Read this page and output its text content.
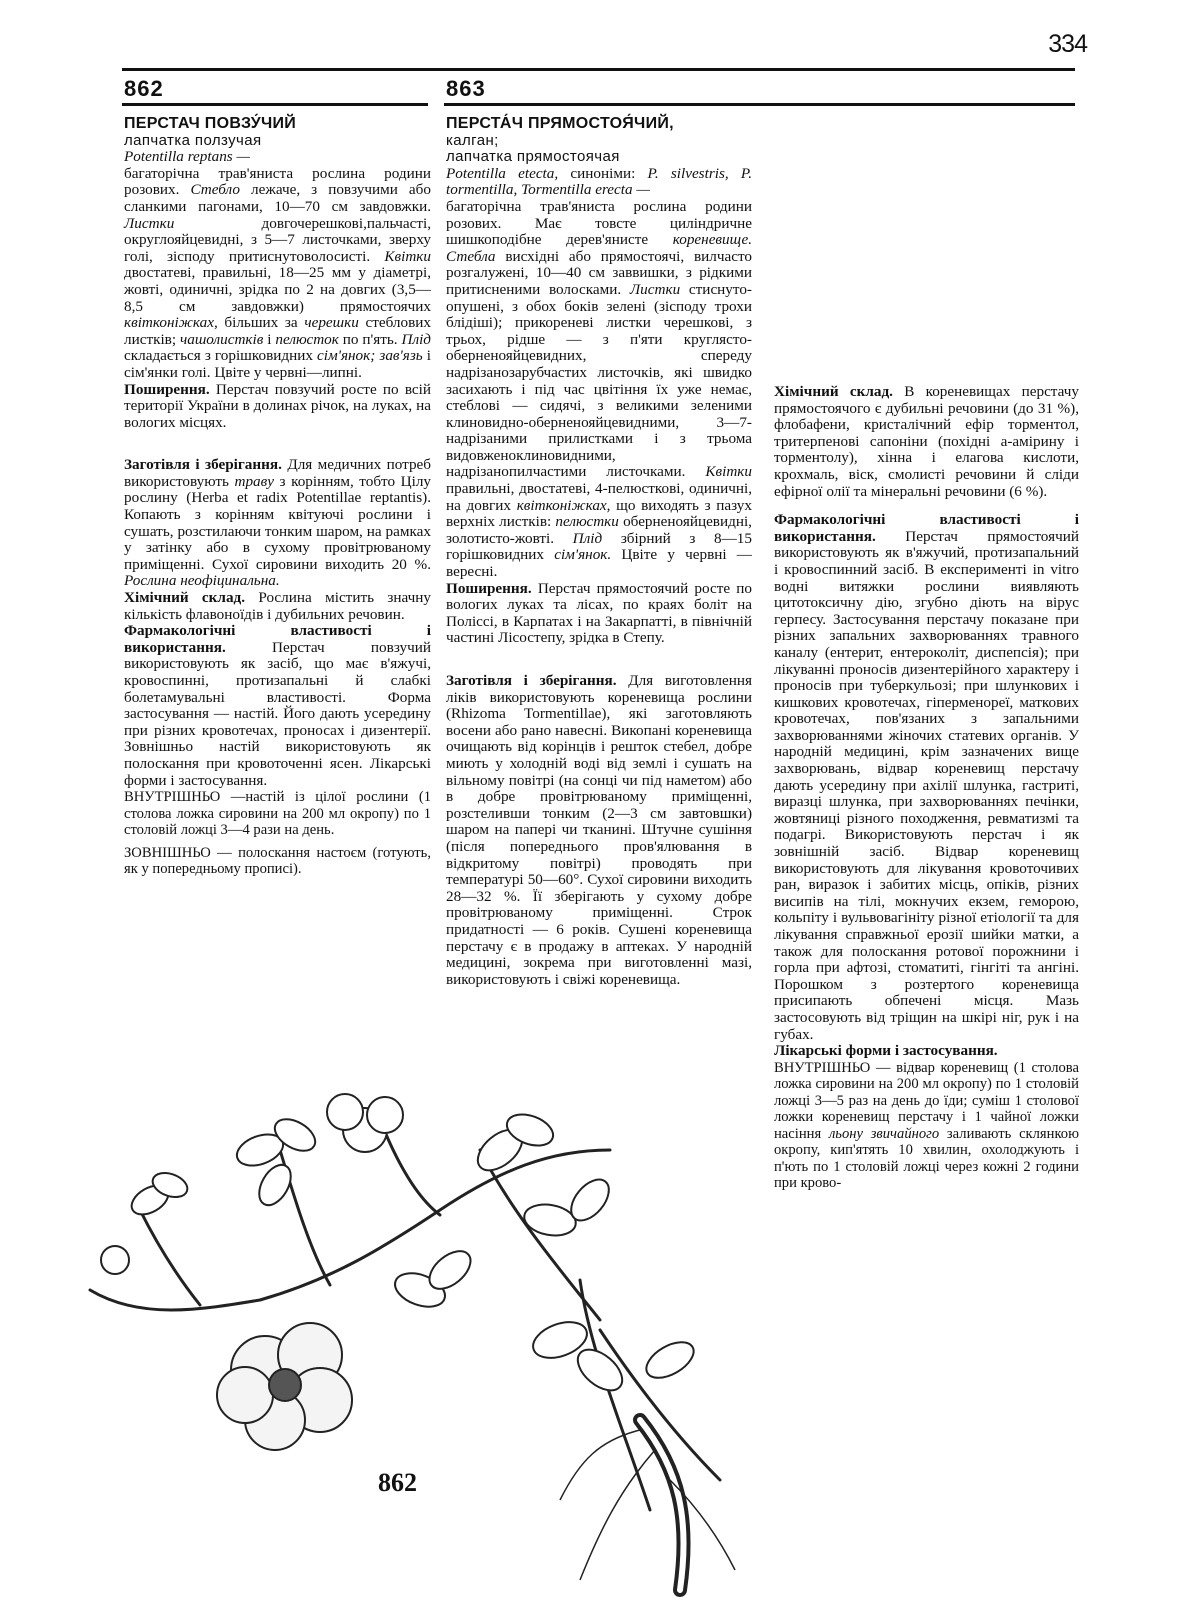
334
862	863

ПЕРСТАЧ ПОВЗУ́ЧИЙ

лапчатка ползучая

Potentilla reptans —

багаторічна трав'яниста рослина родини розових. Стебло лежаче, з повзучими або сланкими пагонами, 10—70 см завдовжки. Листки довгочерешкові,пальчасті, округлояйцевидні, з 5—7 листочками, зверху голі, зісподу притиснутоволосисті. Квітки двостатеві, правильні, 18—25 мм у діаметрі, жовті, одиничні, зрідка по 2 на довгих (3,5—8,5 см завдовжки) прямостоячих квітконіжках, більших за черешки стеблових листків; чашолистків і пелюсток по п'ять. Плід складається з горішковидних сім'янок; зав'язь і сім'янки голі. Цвіте у червні—липні.

Поширення. Перстач повзучий росте по всій території України в долинах річок, на луках, на вологих місцях.

Заготівля і зберігання. Для медичних потреб використовують траву з корінням, тобто Цілу рослину (Herba et radix Potentillae reptantis). Копають з корінням квітуючі рослини і сушать, розстилаючи тонким шаром, на рамках у затінку або в сухому провітрюваному приміщенні. Сухої сировини виходить 20 %. Рослина неофіцинальна.

Хімічний склад. Рослина містить значну кількість флавоноїдів і дубильних речовин.

Фармакологічні властивості і використання. Перстач повзучий використовують як засіб, що має в'яжучі, кровоспинні, протизапальні й слабкі болетамувальні властивості. Форма застосування — настій. Його дають усередину при різних кровотечах, проносах і дизентерії. Зовнішньо настій використовують як полоскання при кровоточенні ясен. Лікарські форми і застосування.

ВНУТРІШНЬО —настій із цілої рослини (1 столова ложка сировини на 200 мл окропу) по 1 столовій ложці 3—4 рази на день.

ЗОВНІШНЬО — полоскання настоєм (готують, як у попередньому прописі).

ПЕРСТА́Ч ПРЯМОСТОЯ́ЧИЙ,

калган;

лапчатка прямостоячая

Potentilla etecta, синоніми: P. silvestris, P. tormentilla, Tormentilla erecta —

багаторічна трав'яниста рослина родини розових. Має товсте циліндричне шишкоподібне дерев'янисте кореневище. Стебла висхідні або прямостоячі, вилчасто розгалужені, 10—40 см заввишки, з рідкими притисненими волосками. Листки стиснуто-опушені, з обох боків зелені (зісподу трохи блідіші); прикореневі листки черешкові, з трьох, рідше — з п'яти кругляcто-оберненояйцевидних, спереду надрізанозарубчастих листочків, які швидко засихають і під час цвітіння їх уже немає, стеблові — сидячі, з великими зеленими клиновидно-оберненояйцевидними, 3—7-надрізаними прилистками і з трьома видовженоклиновидними, надрізанопилчастими листочками. Квітки правильні, двостатеві, 4-пелюсткові, одиничні, на довгих квітконіжках, що виходять з пазух верхніх листків: пелюстки оберненояйцевидні, золотисто-жовті. Плід збірний з 8—15 горішковидних сім'янок. Цвіте у червні — вересні.

Поширення. Перстач прямостоячий росте по вологих луках та лісах, по краях боліт на Поліссі, в Карпатах і на Закарпатті, в північній частині Лісостепу, зрідка в Степу.

Заготівля і зберігання. Для виготовлення ліків використовують кореневища рослини (Rhizoma Tormentillae), які заготовляють восени або рано навесні. Викопані кореневища очищають від корінців і решток стебел, добре миють у холодній воді від землі і сушать на вільному повітрі (на сонці чи під наметом) або в добре провітрюваному приміщенні, розстеливши тонким (2—3 см завтовшки) шаром на папері чи тканині. Штучне сушіння (після попереднього пров'ялювання в відкритому повітрі) проводять при температурі 50—60°. Сухої сировини виходить 28—32 %. Її зберігають у сухому добре провітрюваному приміщенні. Строк придатності — 6 років. Сушені кореневища перстачу є в продажу в аптеках. У народній медицині, зокрема при виготовленні мазі, використовують і свіжі кореневища.

Хімічний склад. В кореневищах перстачу прямостоячого є дубильні речовини (до 31 %), флобафени, кристалічний ефір торментол, тритерпенові сапоніни (похідні а-амірину і торментолу), хінна і елагова кислоти, крохмаль, віск, смолисті речовини й сліди ефірної олії та мінеральні речовини (6 %).

Фармакологічні властивості і використання. Перстач прямостоячий використовують як в'яжучий, протизапальний і кровоспинний засіб. В експерименті in vitro водні витяжки рослини виявляють цитотоксичну дію, згубно діють на вірус герпесу. Застосування перстачу показане при різних запальних захворюваннях травного каналу (ентерит, ентероколіт, диспепсія); при лікуванні проносів дизентерійного характеру і проносів при туберкульозі; при шлункових і кишкових кровотечах, гіперменореї, маткових кровотечах, пов'язаних з запальними захворюваннями жіночих статевих органів. У народній медицині, крім зазначених вище захворювань, відвар кореневищ перстачу дають усередину при ахілії шлунка, гастриті, виразці шлунка, при захворюваннях печінки, жовтяниці різного походження, ревматизмі та подагрі. Використовують перстач і як зовнішній засіб. Відвар кореневищ використовують для лікування кровоточивих ран, виразок і забитих місць, опіків, різних висипів на тілі, мокнучих екзем, геморою, кольпіту і вульвовагініту різної етіології та для лікування справжньої ерозії шийки матки, а також для полоскання ротової порожнини і горла при афтозі, стоматиті, гінгіті та ангіні. Порошком з розтертого кореневища присипають обпечені місця. Мазь застосовують від тріщин на шкірі ніг, рук і на губах.

Лікарські форми і застосування.

ВНУТРІШНЬО — відвар кореневищ (1 столова ложка сировини на 200 мл окропу) по 1 столовій ложці 3—5 раз на день до їди; суміш 1 столової ложки кореневищ перстачу і 1 чайної ложки насіння льону звичайного заливають склянкою окропу, кип'ятять 10 хвилин, охолоджують і п'ють по 1 столовій ложці через кожні 2 години при крово-

862
